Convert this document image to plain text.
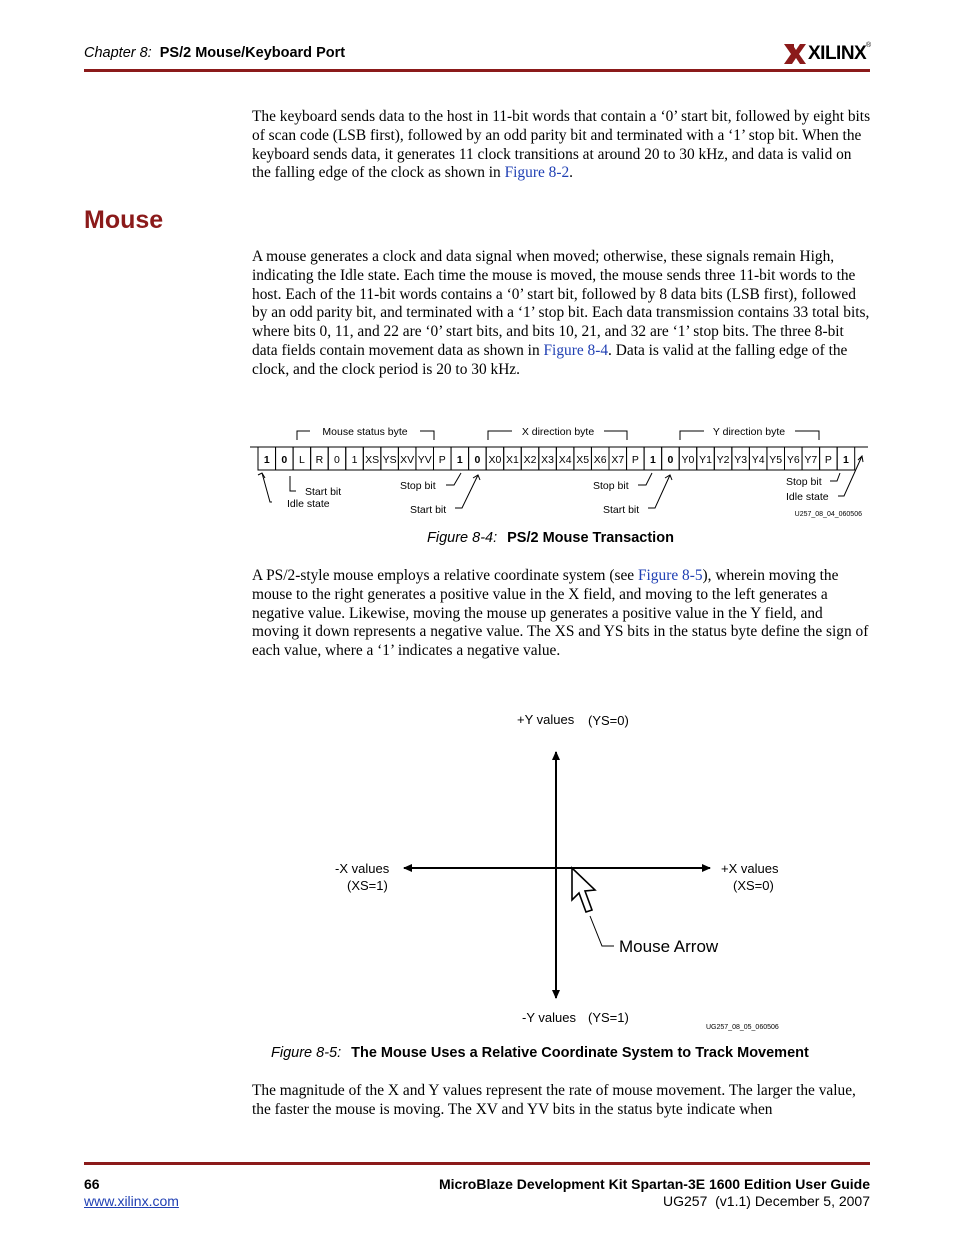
Chapter 8: PS/2 Mouse/Keyboard Port	XILINX ®

The keyboard sends data to the host in 11-bit words that contain a ‘0’ start bit, followed by eight bits of scan code (LSB first), followed by an odd parity bit and terminated with a ‘1’ stop bit. When the keyboard sends data, it generates 11 clock transitions at around 20 to 30 kHz, and data is valid on the falling edge of the clock as shown in Figure 8-2.

Mouse

A mouse generates a clock and data signal when moved; otherwise, these signals remain High, indicating the Idle state. Each time the mouse is moved, the mouse sends three 11-bit words to the host. Each of the 11-bit words contains a ‘0’ start bit, followed by 8 data bits (LSB first), followed by an odd parity bit, and terminated with a ‘1’ stop bit. Each data transmission contains 33 total bits, where bits 0, 11, and 22 are ‘0’ start bits, and bits 10, 21, and 32 are ‘1’ stop bits. The three 8-bit data fields contain movement data as shown in Figure 8-4. Data is valid at the falling edge of the clock, and the clock period is 20 to 30 kHz.

Mouse status byte	X direction byte	Y direction byte
1 0 L R 0 1 XS YS XV YV P 1 0 X0 X1 X2 X3 X4 X5 X6 X7 P 1 0 Y0 Y1 Y2 Y3 Y4 Y5 Y6 Y7 P 1
Start bit
Idle state
Stop bit
Start bit
Stop bit
Start bit
Stop bit
Idle state
U257_08_04_060506
Figure 8-4: PS/2 Mouse Transaction

A PS/2-style mouse employs a relative coordinate system (see Figure 8-5), wherein moving the mouse to the right generates a positive value in the X field, and moving to the left generates a negative value. Likewise, moving the mouse up generates a positive value in the Y field, and moving it down represents a negative value. The XS and YS bits in the status byte define the sign of each value, where a ‘1’ indicates a negative value.

Mouse Arrow
+Y values (YS=0)
-Y values (YS=1)
-X values
(XS=1)
+X values
(XS=0)
UG257_08_05_060506
Figure 8-5: The Mouse Uses a Relative Coordinate System to Track Movement

The magnitude of the X and Y values represent the rate of mouse movement. The larger the value, the faster the mouse is moving. The XV and YV bits in the status byte indicate when

66
www.xilinx.com
MicroBlaze Development Kit Spartan-3E 1600 Edition User Guide
UG257  (v1.1) December 5, 2007
